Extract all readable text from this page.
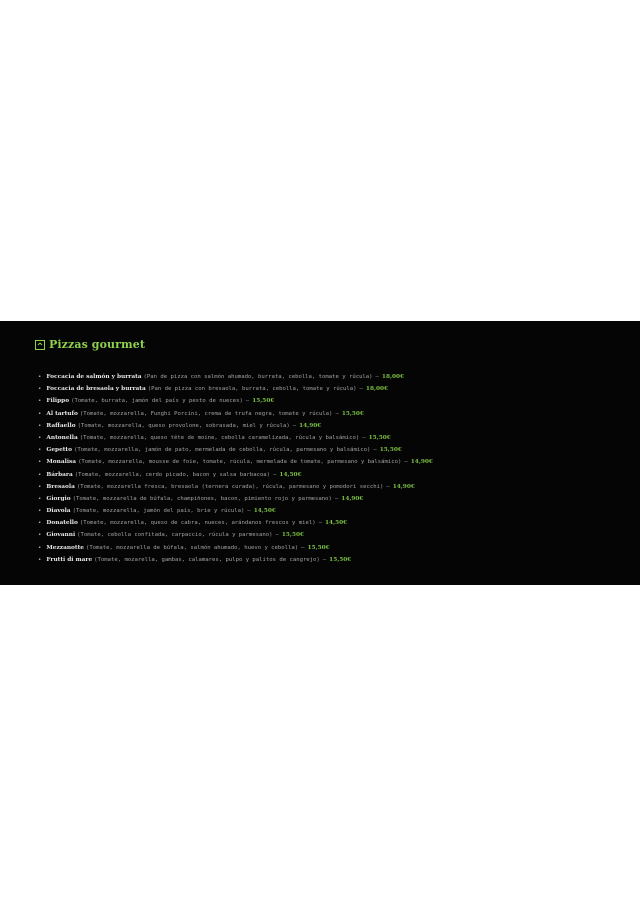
Pizzas gourmet
• Foccacia de salmón y burrata (Pan de pizza con salmón ahumado, burrata, cebolla, tomate y rúcula) – 18,00€
• Foccacia de bresaola y burrata (Pan de pizza con bresaola, burrata, cebolla, tomate y rúcula) – 18,00€
• Filippo (Tomate, burrata, jamón del país y pesto de nueces) – 15,50€
• Al tartufo (Tomate, mozzarella, Funghi Porcini, crema de trufa negra, tomate y rúcula) – 15,50€
• Raffaello (Tomate, mozzarella, queso provolone, sobrasada, miel y rúcula) – 14,90€
• Antonella (Tomate, mozzarella, queso tête de moine, cebolla caramelizada, rúcula y balsámico) – 15,50€
• Gepetto (Tomate, mozzarella, jamón de pato, mermelada de cebolla, rúcula, parmesano y balsámico) – 15,50€
• Monalisa (Tomate, mozzarella, mousse de foie, tomate, rúcula, mermelada de tomate, parmesano y balsámico) – 14,90€
• Bárbara (Tomate, mozzarella, cerdo picado, bacon y salsa barbacoa) – 14,50€
• Bresaola (Tomate, mozzarella fresca, bresaola (ternera curada), rúcula, parmesano y pomodori secchi) – 14,90€
• Giorgio (Tomate, mozzarella de búfala, champiñones, bacon, pimiento rojo y parmesano) – 14,90€
• Diavola (Tomate, mozzarella, jamón del país, brie y rúcula) – 14,50€
• Donatello (Tomate, mozzarella, queso de cabra, nueces, arándanos frescos y miel) – 14,50€
• Giovanni (Tomate, cebolla confitada, carpaccio, rúcula y parmesano) – 15,50€
• Mezzanotte (Tomate, mozzarella de búfala, salmón ahumado, huevo y cebolla) – 15,50€
• Frutti di mare (Tomate, mozarella, gambas, calamares, pulpo y palitos de cangrejo) – 15,50€
